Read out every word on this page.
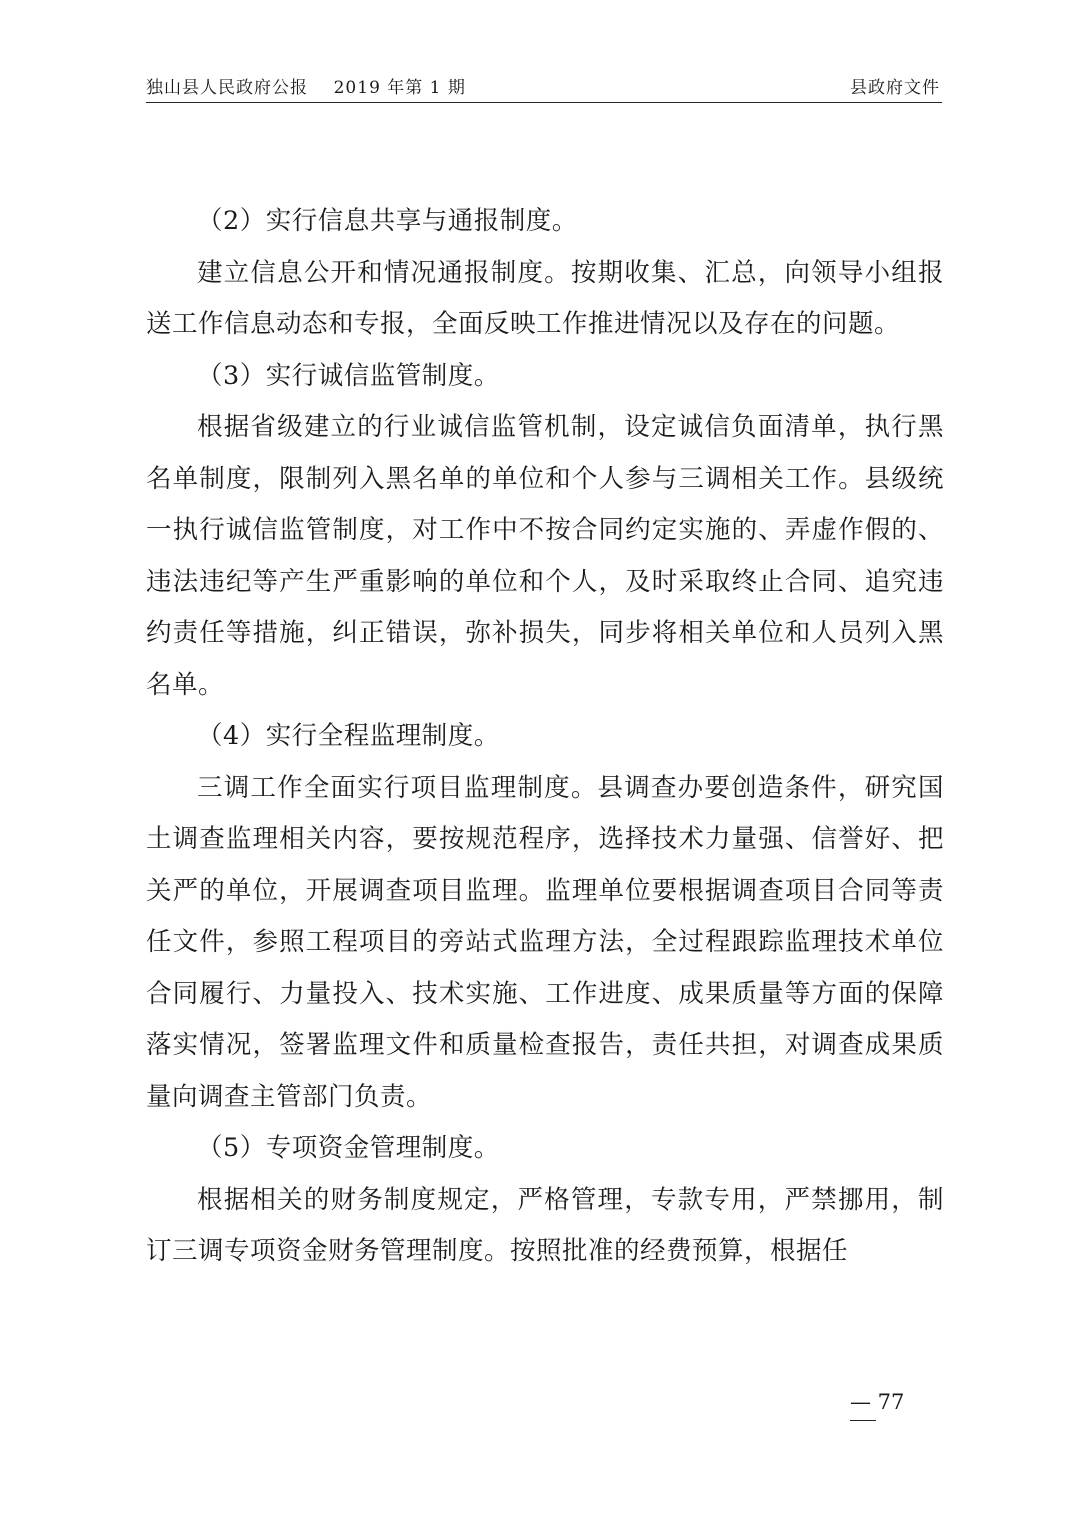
独山县人民政府公报    2019 年第 1 期	县政府文件

（2）实行信息共享与通报制度。

建立信息公开和情况通报制度。按期收集、汇总，向领导小组报送工作信息动态和专报，全面反映工作推进情况以及存在的问题。

（3）实行诚信监管制度。

根据省级建立的行业诚信监管机制，设定诚信负面清单，执行黑名单制度，限制列入黑名单的单位和个人参与三调相关工作。县级统一执行诚信监管制度，对工作中不按合同约定实施的、弄虚作假的、违法违纪等产生严重影响的单位和个人，及时采取终止合同、追究违约责任等措施，纠正错误，弥补损失，同步将相关单位和人员列入黑名单。

（4）实行全程监理制度。

三调工作全面实行项目监理制度。县调查办要创造条件，研究国土调查监理相关内容，要按规范程序，选择技术力量强、信誉好、把关严的单位，开展调查项目监理。监理单位要根据调查项目合同等责任文件，参照工程项目的旁站式监理方法，全过程跟踪监理技术单位合同履行、力量投入、技术实施、工作进度、成果质量等方面的保障落实情况，签署监理文件和质量检查报告，责任共担，对调查成果质量向调查主管部门负责。

（5）专项资金管理制度。

根据相关的财务制度规定，严格管理，专款专用，严禁挪用，制订三调专项资金财务管理制度。按照批准的经费预算，根据任

— 77
